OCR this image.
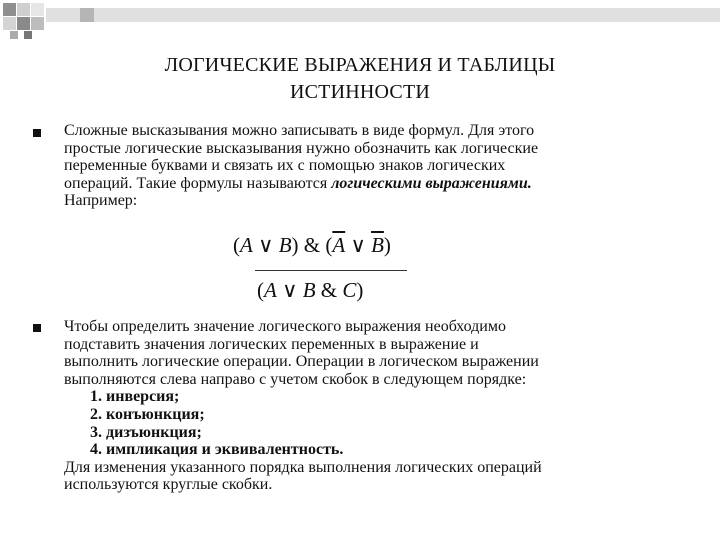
ЛОГИЧЕСКИЕ ВЫРАЖЕНИЯ И ТАБЛИЦЫ
ИСТИННОСТИ
Сложные высказывания можно записывать в виде формул. Для этого
простые логические высказывания нужно обозначить как логические
переменные буквами и связать их с помощью знаков логических
операций. Такие формулы называются логическими выражениями.
Например:
(A ∨ B) & ($\overline{A}$ ∨ $\overline{B}$)
(A ∨ B & C)
Чтобы определить значение логического выражения необходимо
подставить значения логических переменных в выражение и
выполнить логические операции. Операции в логическом выражении
выполняются слева направо с учетом скобок в следующем порядке:
1. инверсия;
2. конъюнкция;
3. дизъюнкция;
4. импликация и эквивалентность.
Для изменения указанного порядка выполнения логических операций
используются круглые скобки.
